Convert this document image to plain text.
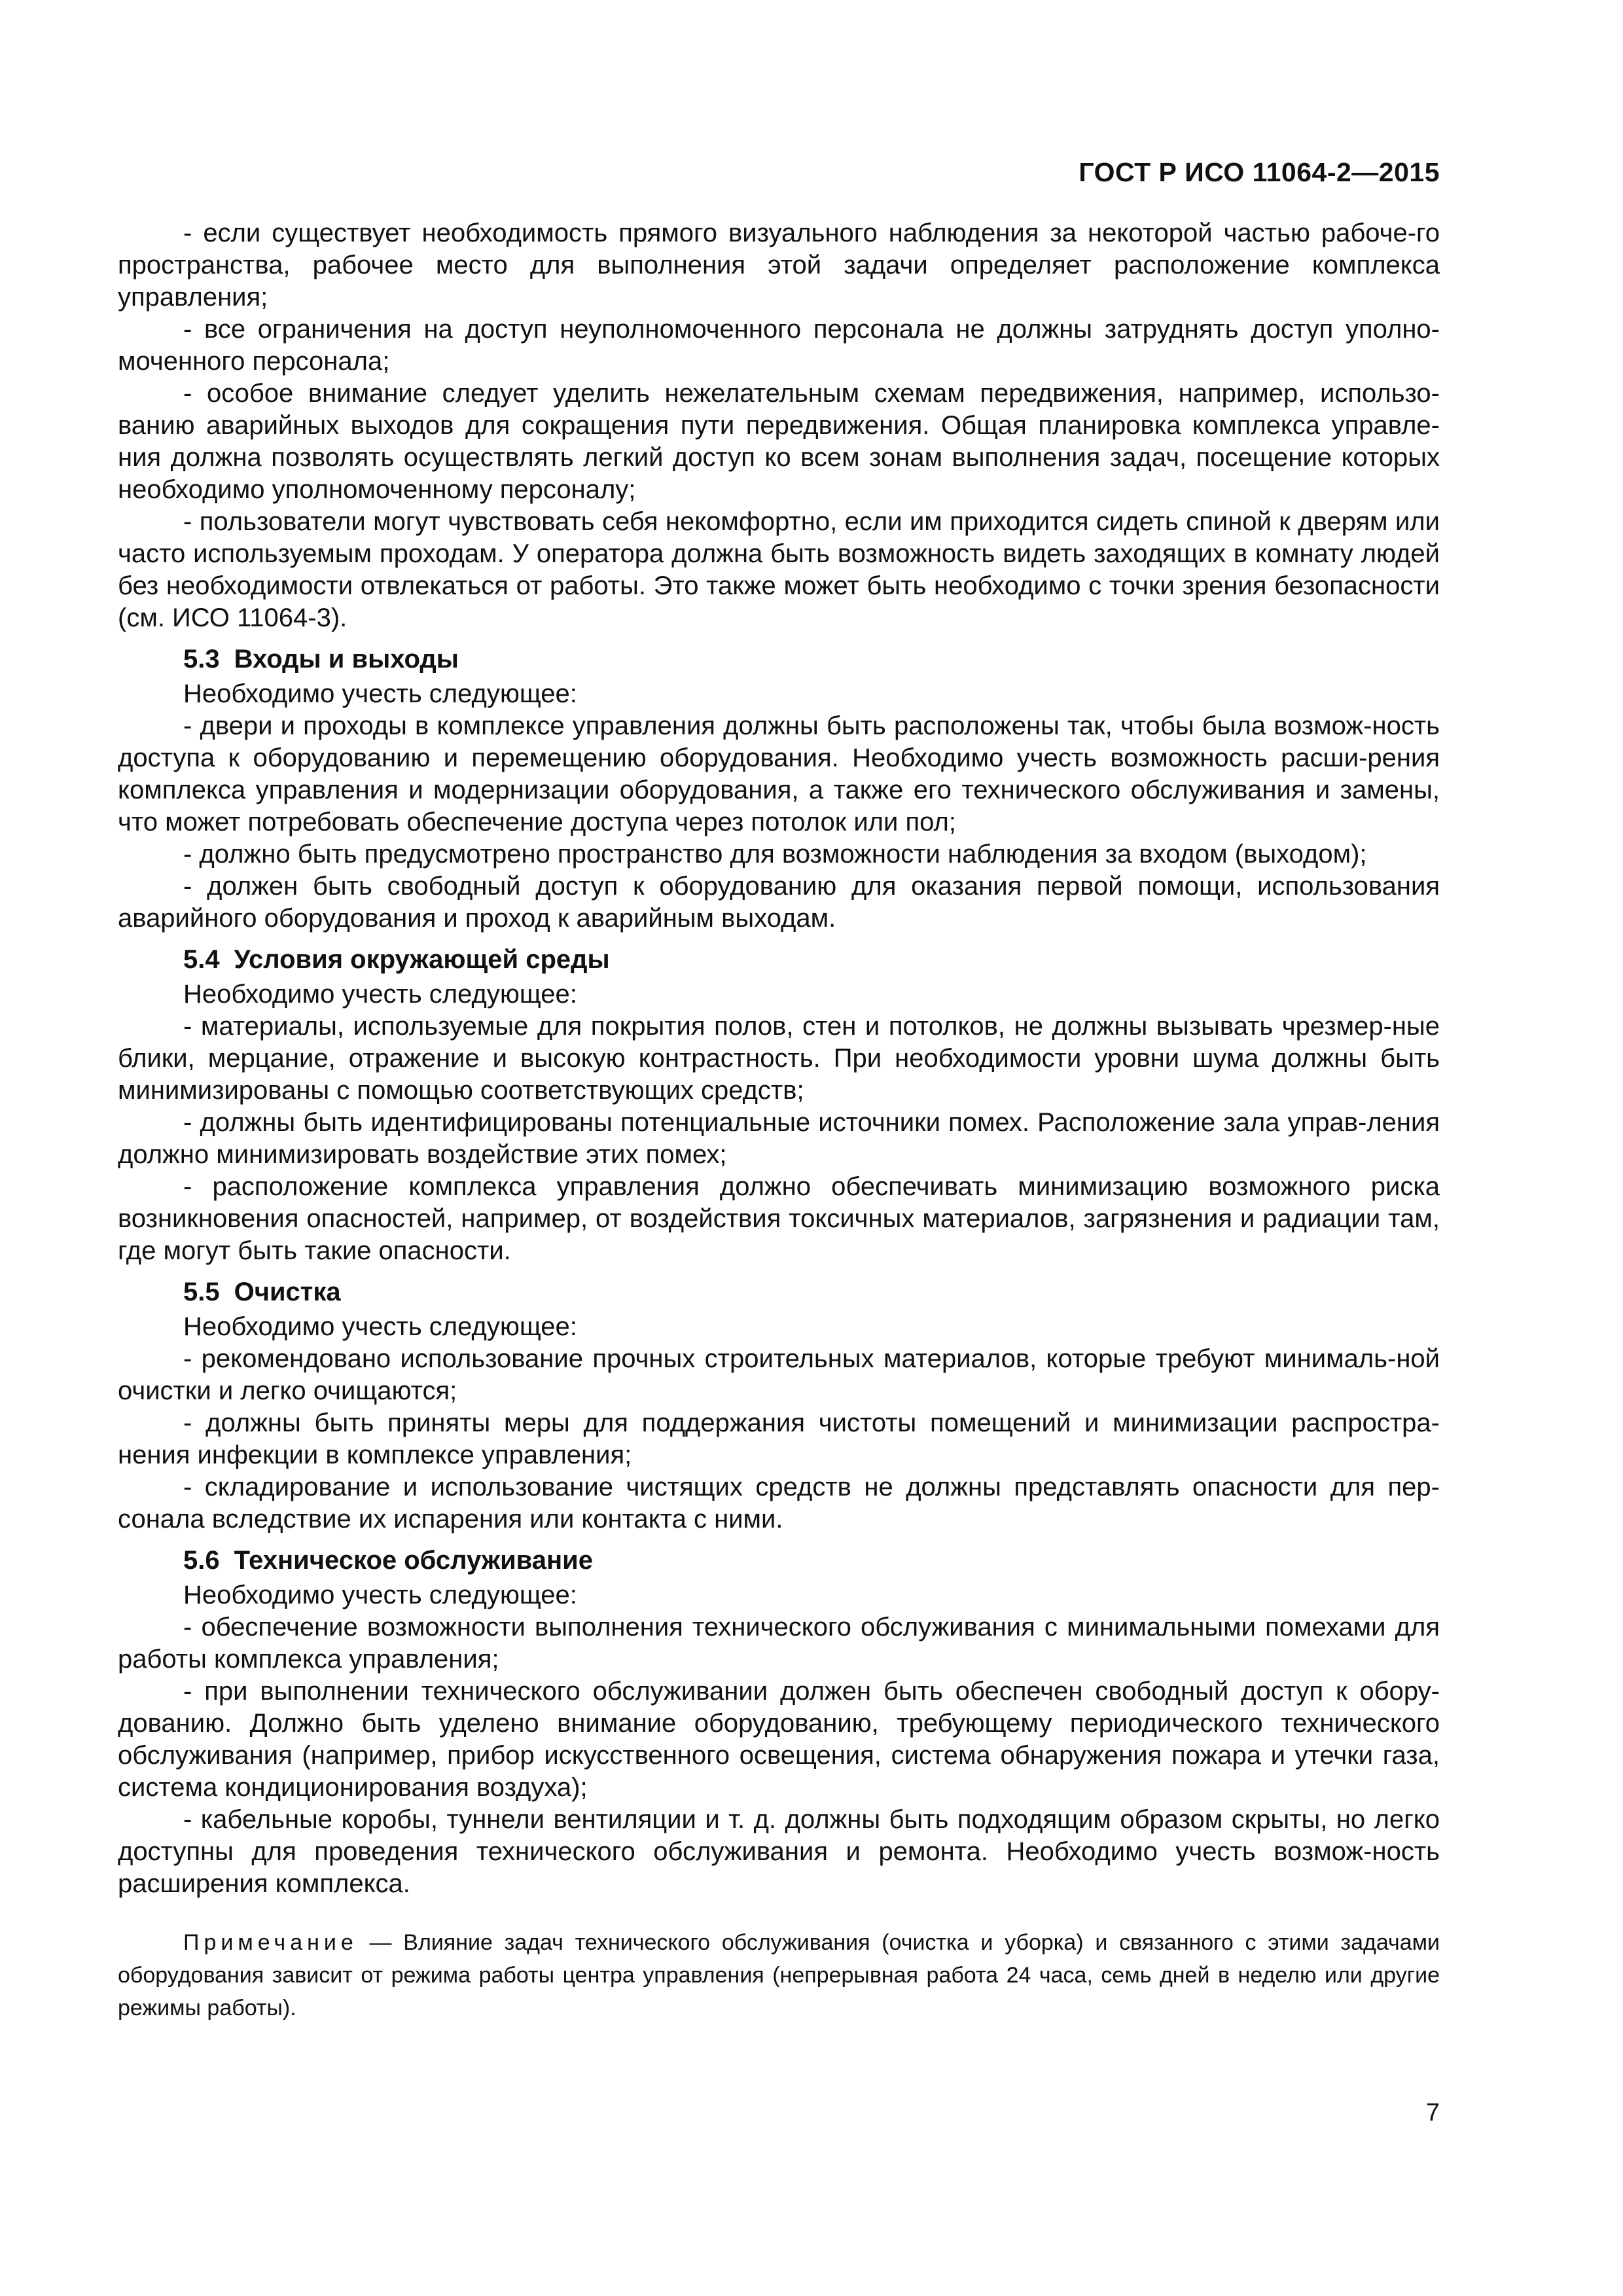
ГОСТ Р ИСО 11064-2—2015

- если существует необходимость прямого визуального наблюдения за некоторой частью рабоче-го пространства, рабочее место для выполнения этой задачи определяет расположение комплекса управления;

- все ограничения на доступ неуполномоченного персонала не должны затруднять доступ уполно-моченного персонала;

- особое внимание следует уделить нежелательным схемам передвижения, например, использо-ванию аварийных выходов для сокращения пути передвижения. Общая планировка комплекса управле-ния должна позволять осуществлять легкий доступ ко всем зонам выполнения задач, посещение которых необходимо уполномоченному персоналу;

- пользователи могут чувствовать себя некомфортно, если им приходится сидеть спиной к дверям или часто используемым проходам. У оператора должна быть возможность видеть заходящих в комнату людей без необходимости отвлекаться от работы. Это также может быть необходимо с точки зрения безопасности (см. ИСО 11064-3).

5.3 Входы и выходы

Необходимо учесть следующее:

- двери и проходы в комплексе управления должны быть расположены так, чтобы была возмож-ность доступа к оборудованию и перемещению оборудования. Необходимо учесть возможность расши-рения комплекса управления и модернизации оборудования, а также его технического обслуживания и замены, что может потребовать обеспечение доступа через потолок или пол;

- должно быть предусмотрено пространство для возможности наблюдения за входом (выходом);

- должен быть свободный доступ к оборудованию для оказания первой помощи, использования аварийного оборудования и проход к аварийным выходам.

5.4 Условия окружающей среды

Необходимо учесть следующее:

- материалы, используемые для покрытия полов, стен и потолков, не должны вызывать чрезмер-ные блики, мерцание, отражение и высокую контрастность. При необходимости уровни шума должны быть минимизированы с помощью соответствующих средств;

- должны быть идентифицированы потенциальные источники помех. Расположение зала управ-ления должно минимизировать воздействие этих помех;

- расположение комплекса управления должно обеспечивать минимизацию возможного риска возникновения опасностей, например, от воздействия токсичных материалов, загрязнения и радиации там, где могут быть такие опасности.

5.5 Очистка

Необходимо учесть следующее:

- рекомендовано использование прочных строительных материалов, которые требуют минималь-ной очистки и легко очищаются;

- должны быть приняты меры для поддержания чистоты помещений и минимизации распростра-нения инфекции в комплексе управления;

- складирование и использование чистящих средств не должны представлять опасности для пер-сонала вследствие их испарения или контакта с ними.

5.6 Техническое обслуживание

Необходимо учесть следующее:

- обеспечение возможности выполнения технического обслуживания с минимальными помехами для работы комплекса управления;

- при выполнении технического обслуживании должен быть обеспечен свободный доступ к обору-дованию. Должно быть уделено внимание оборудованию, требующему периодического технического обслуживания (например, прибор искусственного освещения, система обнаружения пожара и утечки газа, система кондиционирования воздуха);

- кабельные коробы, туннели вентиляции и т. д. должны быть подходящим образом скрыты, но легко доступны для проведения технического обслуживания и ремонта. Необходимо учесть возмож-ность расширения комплекса.

Примечание — Влияние задач технического обслуживания (очистка и уборка) и связанного с этими задачами оборудования зависит от режима работы центра управления (непрерывная работа 24 часа, семь дней в неделю или другие режимы работы).

7
